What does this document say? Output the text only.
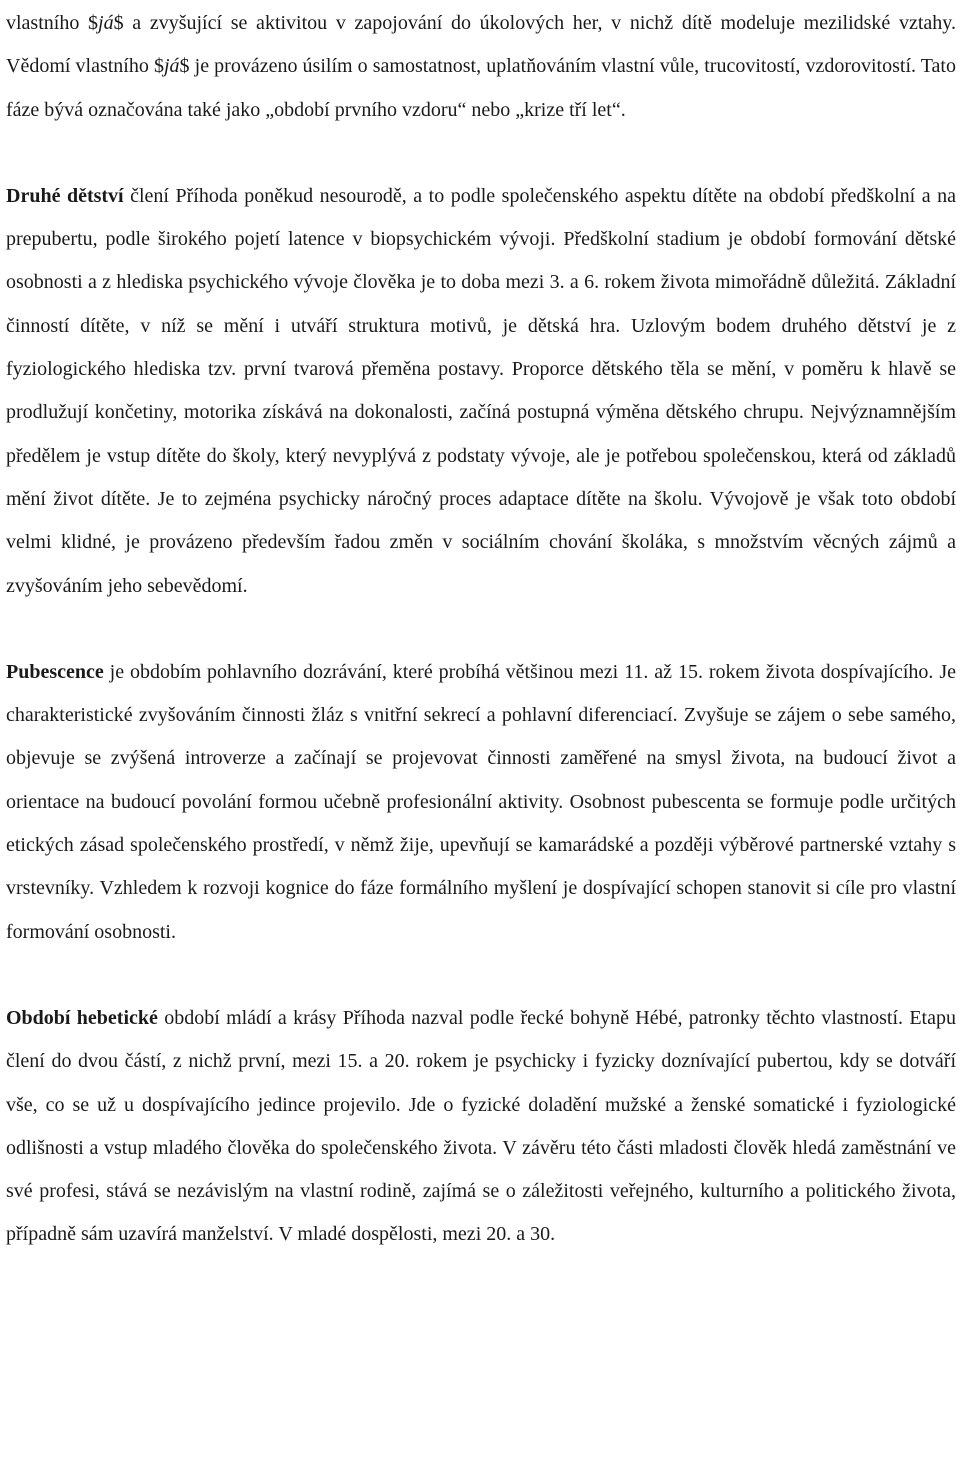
vlastního $já$ a zvyšující se aktivitou v zapojování do úkolových her, v nichž dítě modeluje mezilidské vztahy. Vědomí vlastního $já$ je provázeno úsilím o samostatnost, uplatňováním vlastní vůle, trucovitostí, vzdorovitostí. Tato fáze bývá označována také jako „období prvního vzdoru“ nebo „krize tří let“.

Druhé dětství člení Příhoda poněkud nesourodě, a to podle společenského aspektu dítěte na období předškolní a na prepubertu, podle širokého pojetí latence v biopsychickém vývoji. Předškolní stadium je období formování dětské osobnosti a z hlediska psychického vývoje člověka je to doba mezi 3. a 6. rokem života mimořádně důležitá. Základní činností dítěte, v níž se mění i utváří struktura motivů, je dětská hra. Uzlovým bodem druhého dětství je z fyziologického hlediska tzv. první tvarová přeměna postavy. Proporce dětského těla se mění, v poměru k hlavě se prodlužují končetiny, motorika získává na dokonalosti, začíná postupná výměna dětského chrupu. Nejvýznamnějším předělem je vstup dítěte do školy, který nevyplývá z podstaty vývoje, ale je potřebou společenskou, která od základů mění život dítěte. Je to zejména psychicky náročný proces adaptace dítěte na školu. Vývojově je však toto období velmi klidné, je provázeno především řadou změn v sociálním chování školáka, s množstvím věcných zájmů a zvyšováním jeho sebevědomí.

Pubescence je obdobím pohlavního dozrávání, které probíhá většinou mezi 11. až 15. rokem života dospívajícího. Je charakteristické zvyšováním činnosti žláz s vnitřní sekrecí a pohlavní diferenciací. Zvyšuje se zájem o sebe samého, objevuje se zvýšená introverze a začínají se projevovat činnosti zaměřené na smysl života, na budoucí život a orientace na budoucí povolání formou učebně profesionální aktivity. Osobnost pubescenta se formuje podle určitých etických zásad společenského prostředí, v němž žije, upevňují se kamarádské a později výběrové partnerské vztahy s vrstevníky. Vzhledem k rozvoji kognice do fáze formálního myšlení je dospívající schopen stanovit si cíle pro vlastní formování osobnosti.

Období hebetické období mládí a krásy Příhoda nazval podle řecké bohyně Hébé, patronky těchto vlastností. Etapu člení do dvou částí, z nichž první, mezi 15. a 20. rokem je psychicky i fyzicky doznívající pubertou, kdy se dotváří vše, co se už u dospívajícího jedince projevilo. Jde o fyzické doladění mužské a ženské somatické i fyziologické odlišnosti a vstup mladého člověka do společenského života. V závěru této části mladosti člověk hledá zaměstnání ve své profesi, stává se nezávislým na vlastní rodině, zajímá se o záležitosti veřejného, kulturního a politického života, případně sám uzavírá manželství. V mladé dospělosti, mezi 20. a 30.
